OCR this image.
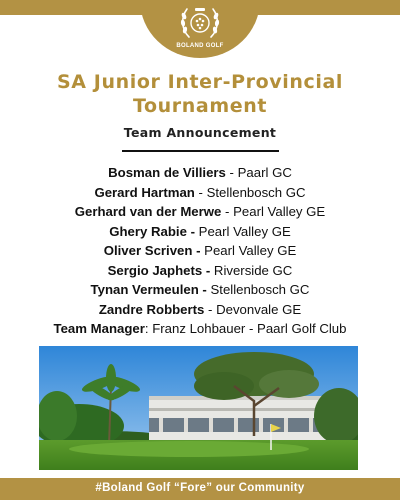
BOLAND GOLF
SA Junior Inter-Provincial
Tournament
Team Announcement
Bosman de Villiers - Paarl GC
Gerard Hartman - Stellenbosch GC
Gerhard van der Merwe - Pearl Valley GE
Ghery Rabie - Pearl Valley GE
Oliver Scriven - Pearl Valley GE
Sergio Japhets - Riverside GC
Tynan Vermeulen - Stellenbosch GC
Zandre Robberts - Devonvale GE
Team Manager: Franz Lohbauer - Paarl Golf Club
#Boland Golf “Fore” our Community
